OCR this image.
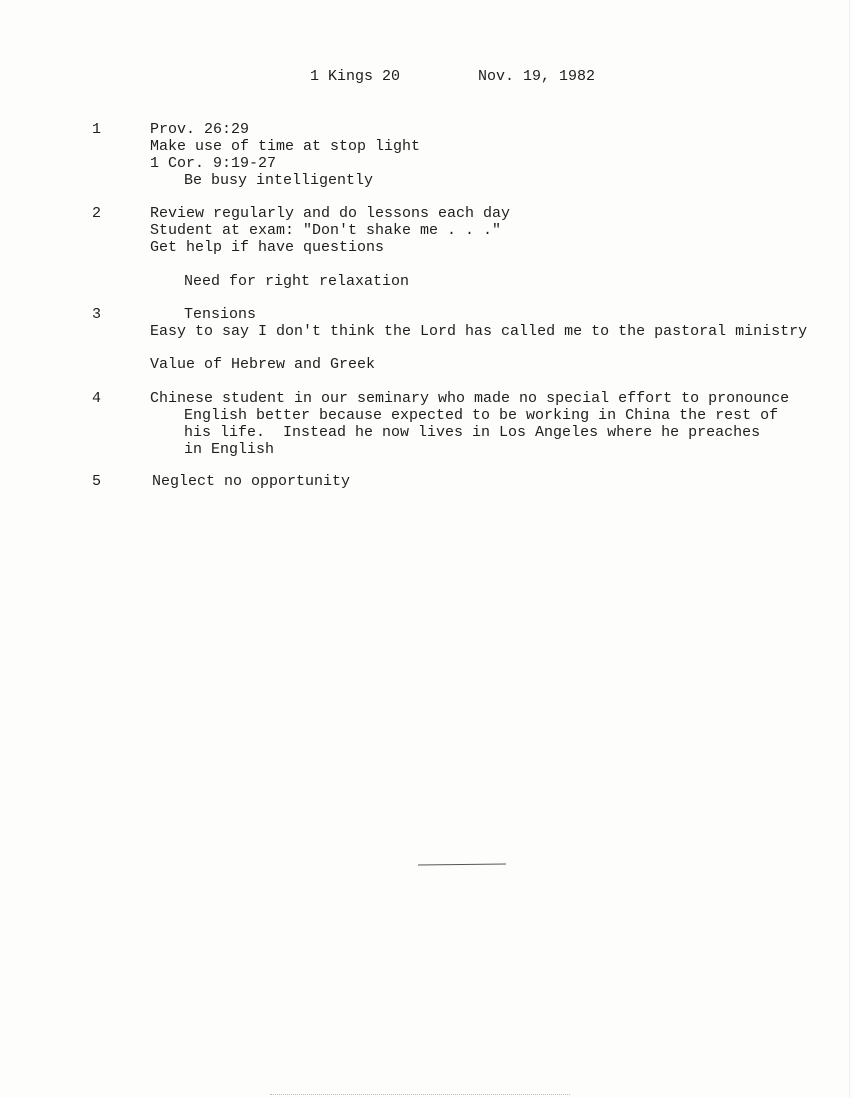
1 Kings 20	Nov. 19, 1982
1	Prov. 26:29
Make use of time at stop light
1 Cor. 9:19-27
Be busy intelligently
2	Review regularly and do lessons each day
Student at exam: "Don't shake me . . ."
Get help if have questions
Need for right relaxation
3	Tensions
Easy to say I don't think the Lord has called me to the pastoral ministry
Value of Hebrew and Greek
4	Chinese student in our seminary who made no special effort to pronounce
English better because expected to be working in China the rest of
his life.  Instead he now lives in Los Angeles where he preaches
in English
5	Neglect no opportunity
